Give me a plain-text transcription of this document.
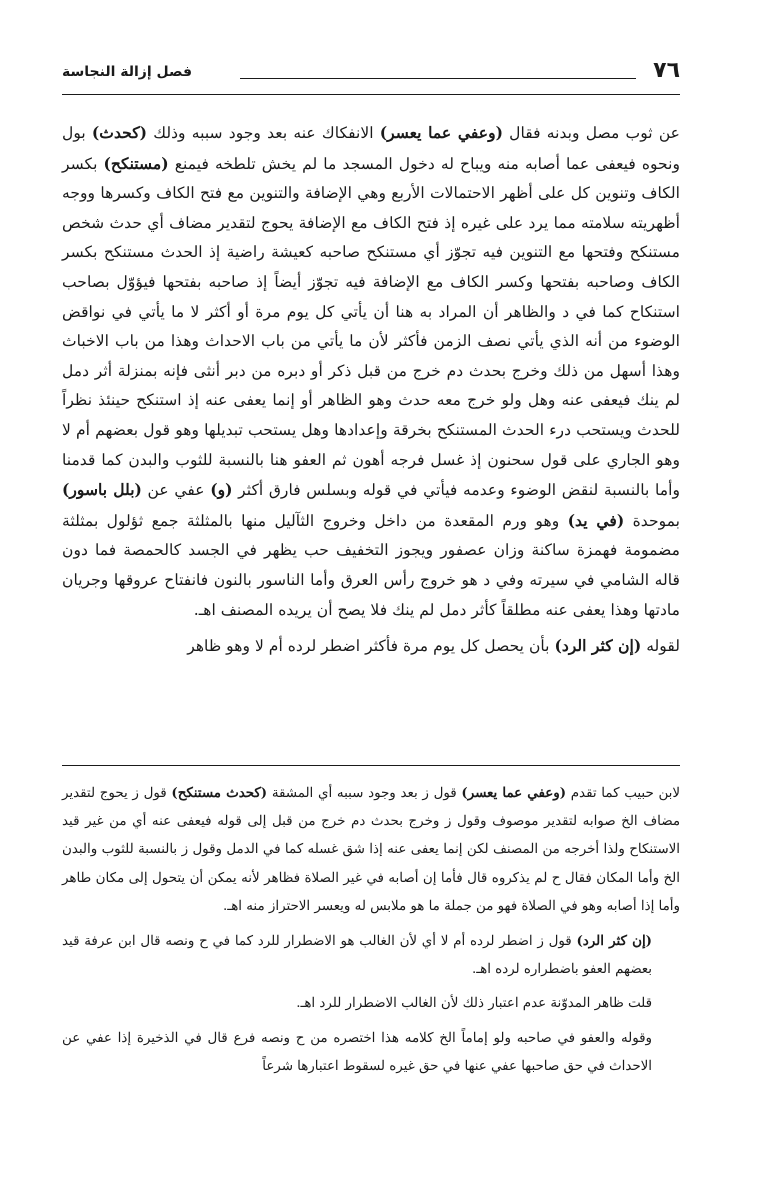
٧٦
فصل إزالة النجاسة

عن ثوب مصل وبدنه فقال (وعفي عما يعسر) الانفكاك عنه بعد وجود سببه وذلك (كحدث) بول ونحوه فيعفى عما أصابه منه ويباح له دخول المسجد ما لم يخش تلطخه فيمنع (مستنكح) بكسر الكاف وتنوين كل على أظهر الاحتمالات الأربع وهي الإضافة والتنوين مع فتح الكاف وكسرها ووجه أظهريته سلامته مما يرد على غيره إذ فتح الكاف مع الإضافة يحوج لتقدير مضاف أي حدث شخص مستنكح وفتحها مع التنوين فيه تجوّز أي مستنكح صاحبه كعيشة راضية إذ الحدث مستنكح بكسر الكاف وصاحبه بفتحها وكسر الكاف مع الإضافة فيه تجوّز أيضاً إذ صاحبه بفتحها فيؤوّل بصاحب استنكاح كما في د والظاهر أن المراد به هنا أن يأتي كل يوم مرة أو أكثر لا ما يأتي في نواقض الوضوء من أنه الذي يأتي نصف الزمن فأكثر لأن ما يأتي من باب الاحداث وهذا من باب الاخباث وهذا أسهل من ذلك وخرج بحدث دم خرج من قبل ذكر أو دبره من دبر أنثى فإنه بمنزلة أثر دمل لم ينك فيعفى عنه وهل ولو خرج معه حدث وهو الظاهر أو إنما يعفى عنه إذ استنكح حينئذ نظراً للحدث ويستحب درء الحدث المستنكح بخرقة وإعدادها وهل يستحب تبديلها وهو قول بعضهم أم لا وهو الجاري على قول سحنون إذ غسل فرجه أهون ثم العفو هنا بالنسبة للثوب والبدن كما قدمنا وأما بالنسبة لنقض الوضوء وعدمه فيأتي في قوله وبسلس فارق أكثر (و) عفي عن (بلل باسور) بموحدة (في يد) وهو ورم المقعدة من داخل وخروج الثآليل منها بالمثلثة جمع ثؤلول بمثلثة مضمومة فهمزة ساكنة وزان عصفور ويجوز التخفيف حب يظهر في الجسد كالحمصة فما دون قاله الشامي في سيرته وفي د هو خروج رأس العرق وأما الناسور بالنون فانفتاح عروقها وجريان مادتها وهذا يعفى عنه مطلقاً كأثر دمل لم ينك فلا يصح أن يريده المصنف اهـ.

لقوله (إن كثر الرد) بأن يحصل كل يوم مرة فأكثر اضطر لرده أم لا وهو ظاهر

لابن حبيب كما تقدم (وعفي عما يعسر) قول ز بعد وجود سببه أي المشقة (كحدث مستنكح) قول ز يحوج لتقدير مضاف الخ صوابه لتقدير موصوف وقول ز وخرج بحدث دم خرج من قبل إلى قوله فيعفى عنه أي من غير قيد الاستنكاح ولذا أخرجه من المصنف لكن إنما يعفى عنه إذا شق غسله كما في الدمل وقول ز بالنسبة للثوب والبدن الخ وأما المكان فقال ح لم يذكروه قال فأما إن أصابه في غير الصلاة فظاهر لأنه يمكن أن يتحول إلى مكان طاهر وأما إذا أصابه وهو في الصلاة فهو من جملة ما هو ملابس له ويعسر الاحتراز منه اهـ.

(إن كثر الرد) قول ز اضطر لرده أم لا أي لأن الغالب هو الاضطرار للرد كما في ح ونصه قال ابن عرفة قيد بعضهم العفو باضطراره لرده اهـ.

قلت ظاهر المدوّنة عدم اعتبار ذلك لأن الغالب الاضطرار للرد اهـ.

وقوله والعفو في صاحبه ولو إماماً الخ كلامه هذا اختصره من ح ونصه فرع قال في الذخيرة إذا عفي عن الاحداث في حق صاحبها عفي عنها في حق غيره لسقوط اعتبارها شرعاً
